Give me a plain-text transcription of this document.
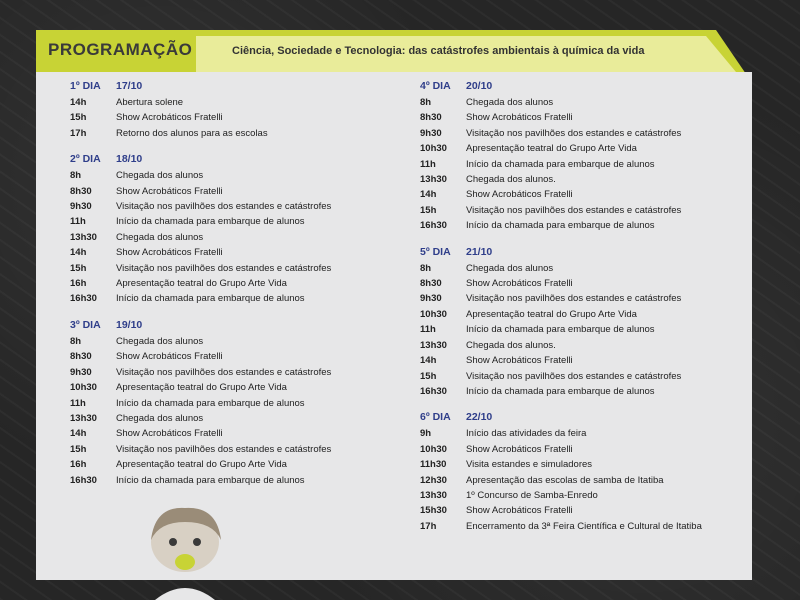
PROGRAMAÇÃO	Ciência, Sociedade e Tecnologia: das catástrofes ambientais à química da vida
1º DIA	17/10
14h	Abertura solene
15h	Show Acrobáticos Fratelli
17h	Retorno dos alunos para as escolas
2º DIA	18/10
8h	Chegada dos alunos
8h30	Show Acrobáticos Fratelli
9h30	Visitação nos pavilhões dos estandes e catástrofes
11h	Início da chamada para embarque de alunos
13h30	Chegada dos alunos
14h	Show Acrobáticos Fratelli
15h	Visitação nos pavilhões dos estandes e catástrofes
16h	Apresentação teatral do Grupo Arte Vida
16h30	Início da chamada para embarque de alunos
3º DIA	19/10
8h	Chegada dos alunos
8h30	Show Acrobáticos Fratelli
9h30	Visitação nos pavilhões dos estandes e catástrofes
10h30	Apresentação teatral do Grupo Arte Vida
11h	Início da chamada para embarque de alunos
13h30	Chegada dos alunos
14h	Show Acrobáticos Fratelli
15h	Visitação nos pavilhões dos estandes e catástrofes
16h	Apresentação teatral do Grupo Arte Vida
16h30	Início da chamada para embarque de alunos
4º DIA	20/10
8h	Chegada dos alunos
8h30	Show Acrobáticos Fratelli
9h30	Visitação nos pavilhões dos estandes e catástrofes
10h30	Apresentação teatral do Grupo Arte Vida
11h	Início da chamada para embarque de alunos
13h30	Chegada dos alunos.
14h	Show Acrobáticos Fratelli
15h	Visitação nos pavilhões dos estandes e catástrofes
16h30	Início da chamada para embarque de alunos
5º DIA	21/10
8h	Chegada dos alunos
8h30	Show Acrobáticos Fratelli
9h30	Visitação nos pavilhões dos estandes e catástrofes
10h30	Apresentação teatral do Grupo Arte Vida
11h	Início da chamada para embarque de alunos
13h30	Chegada dos alunos.
14h	Show Acrobáticos Fratelli
15h	Visitação nos pavilhões dos estandes e catástrofes
16h30	Início da chamada para embarque de alunos
6º DIA	22/10
9h	Início das atividades da feira
10h30	Show Acrobáticos Fratelli
11h30	Visita estandes e simuladores
12h30	Apresentação das escolas de samba de Itatiba
13h30	1º Concurso de Samba-Enredo
15h30	Show Acrobáticos Fratelli
17h	Encerramento da 3ª Feira Científica e Cultural de Itatiba
